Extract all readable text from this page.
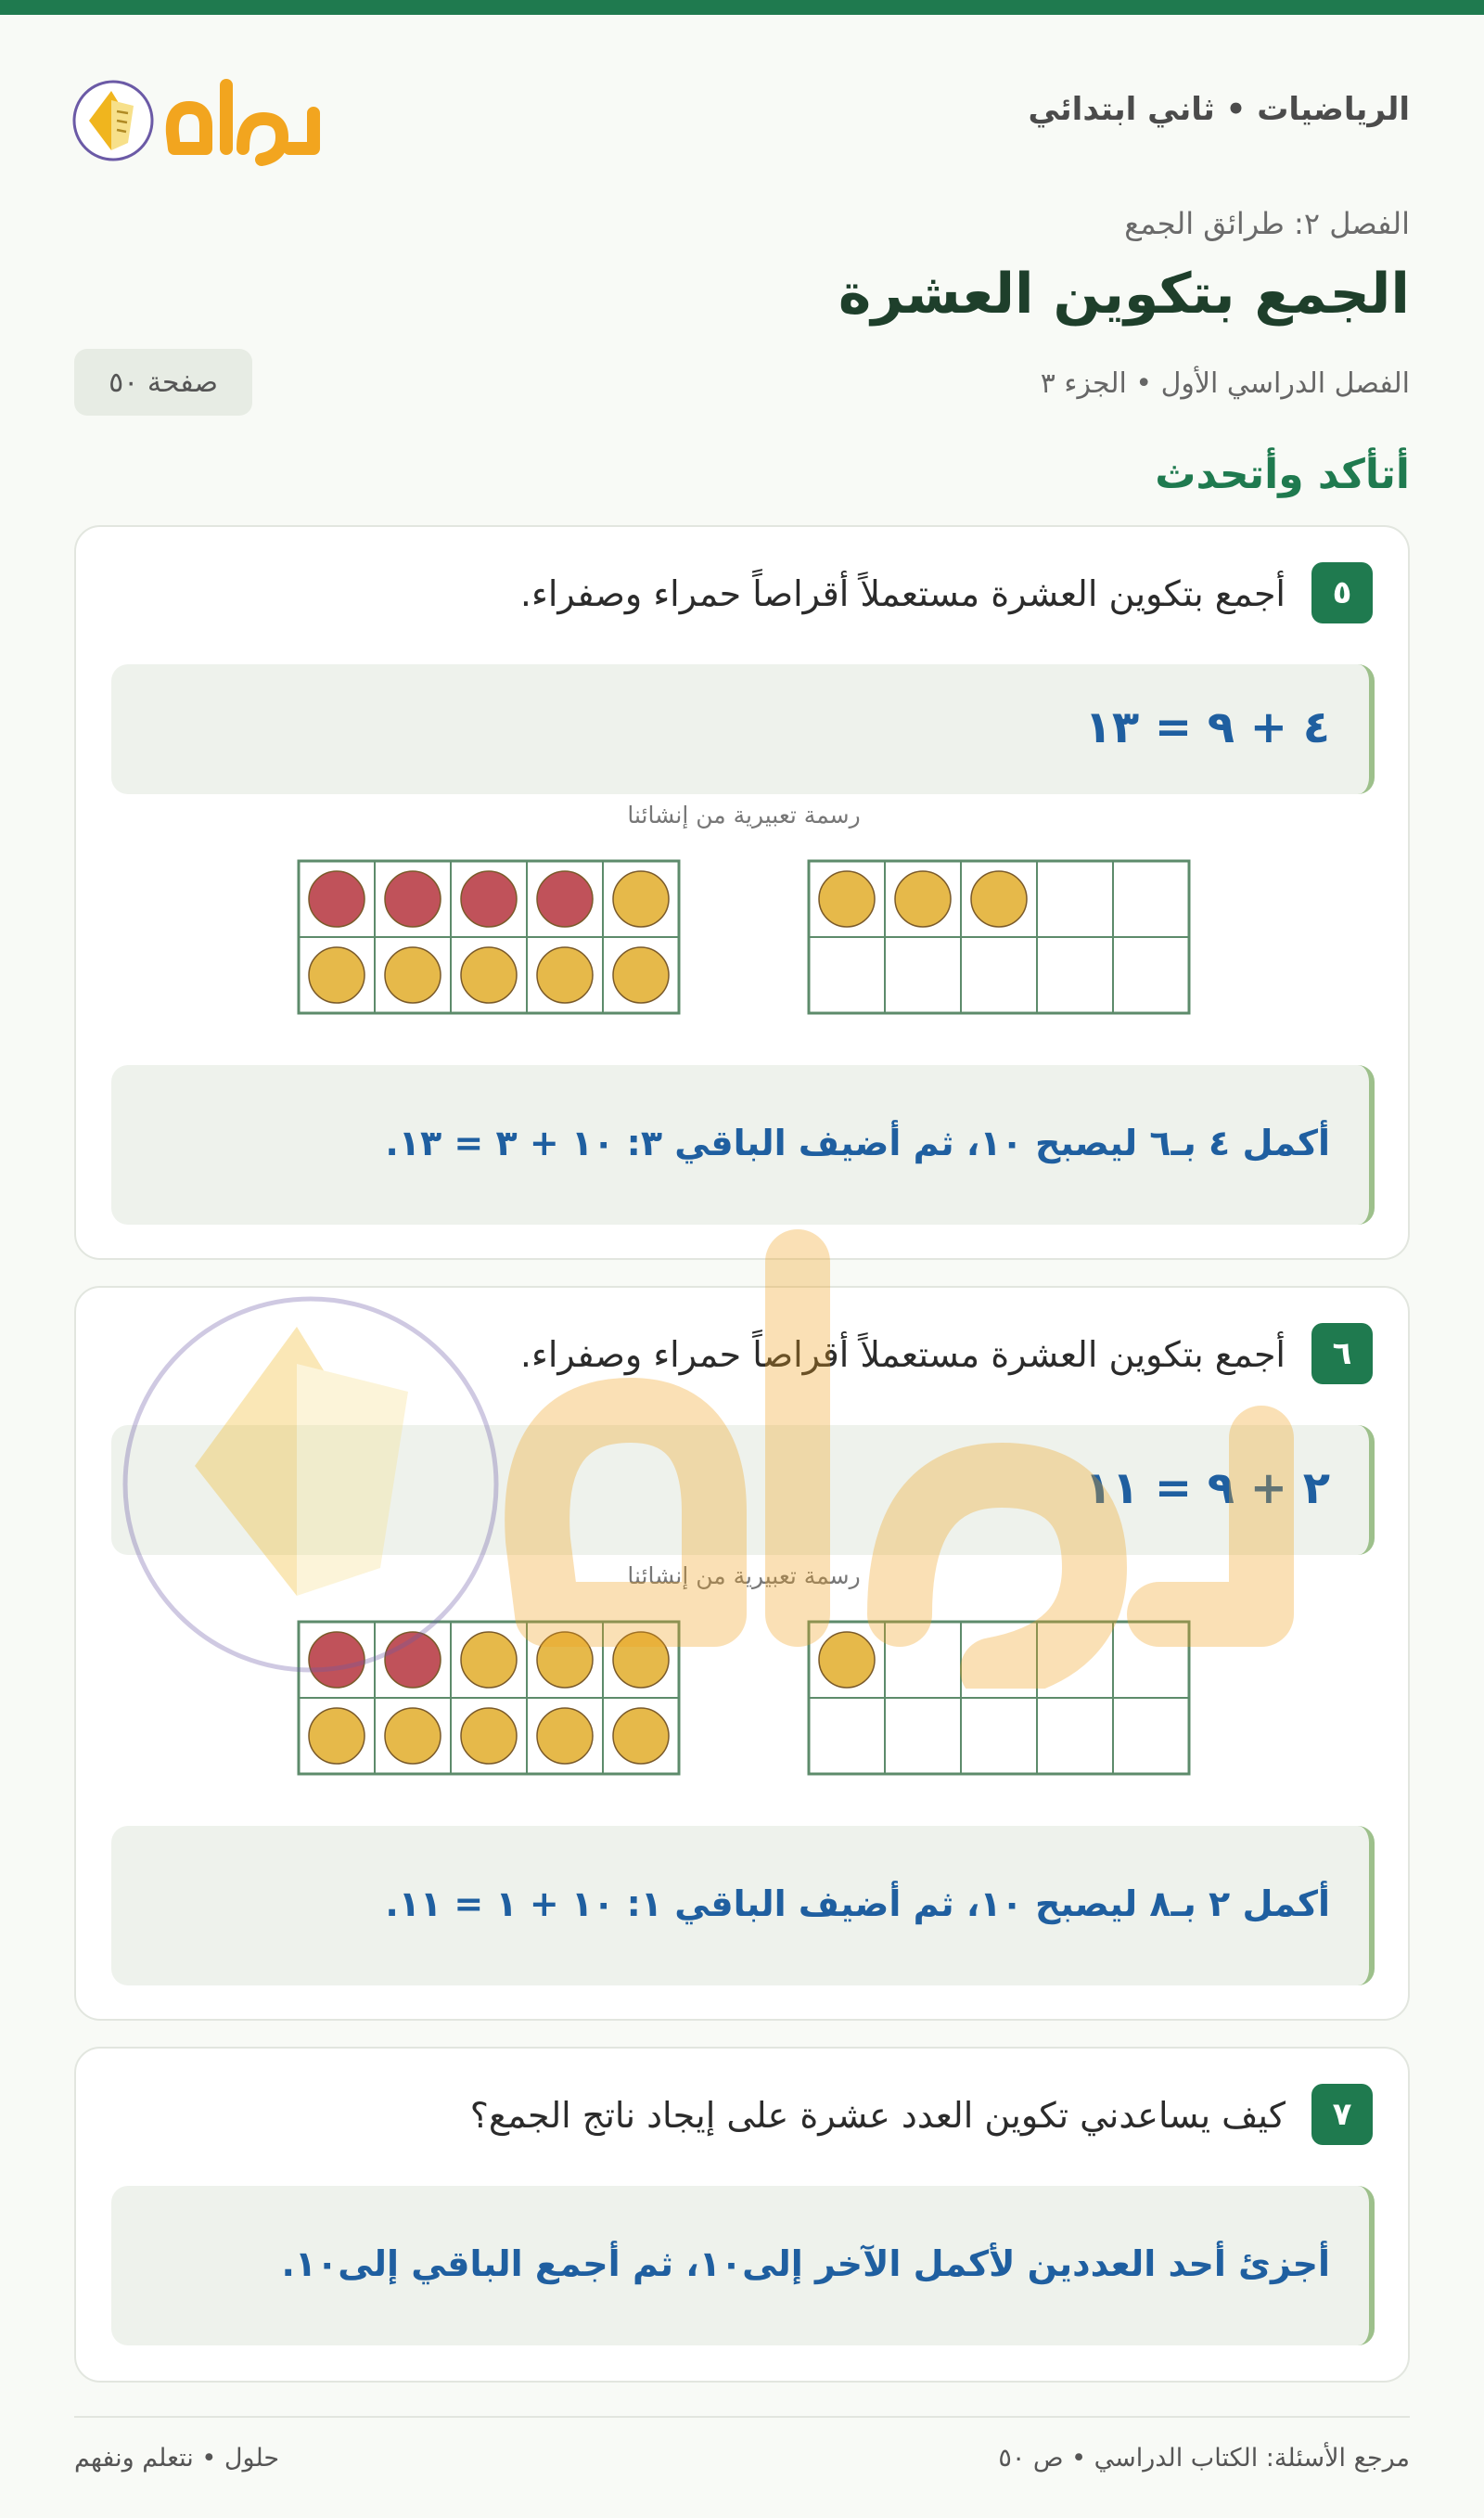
الرياضيات • ثاني ابتدائي
الفصل ٢: طرائق الجمع
الجمع بتكوين العشرة
الفصل الدراسي الأول • الجزء ٣
صفحة ٥٠
أتأكد وأتحدث
٥
أجمع بتكوين العشرة مستعملاً أقراصاً حمراء وصفراء.
٤ + ٩ = ١٣
رسمة تعبيرية من إنشائنا
أكمل ٤ بـ٦ ليصبح ١٠، ثم أضيف الباقي ٣: ١٠ + ٣ = ١٣.
٦
أجمع بتكوين العشرة مستعملاً أقراصاً حمراء وصفراء.
٢ + ٩ = ١١
رسمة تعبيرية من إنشائنا
أكمل ٢ بـ٨ ليصبح ١٠، ثم أضيف الباقي ١: ١٠ + ١ = ١١.
٧
كيف يساعدني تكوين العدد عشرة على إيجاد ناتج الجمع؟
أجزئ أحد العددين لأكمل الآخر إلى١٠، ثم أجمع الباقي إلى١٠.
مرجع الأسئلة: الكتاب الدراسي • ص ٥٠
حلول • نتعلم ونفهم
